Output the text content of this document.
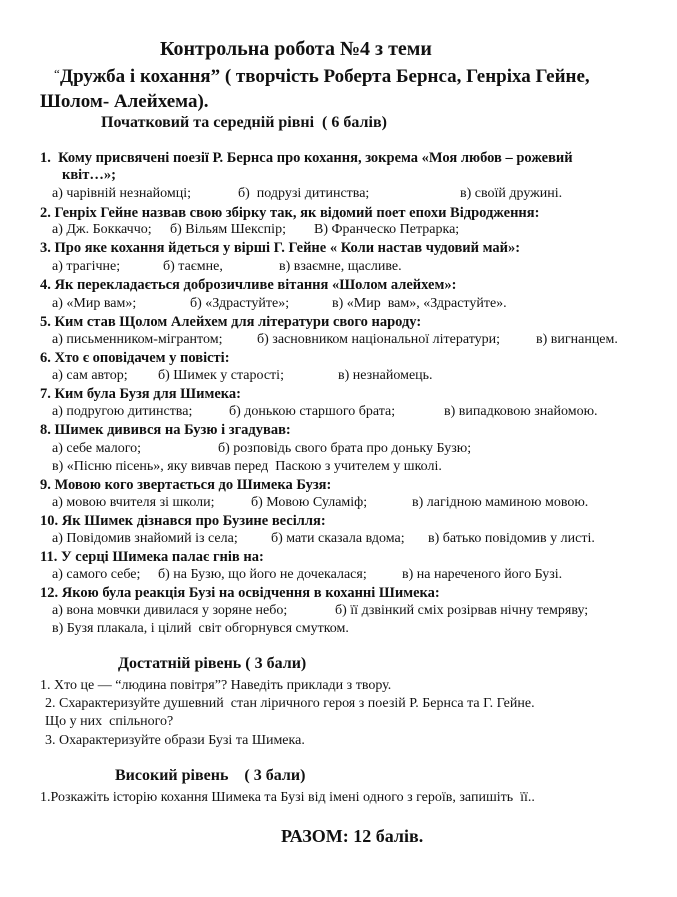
Контрольна робота №4 з теми
“ Дружба і кохання” ( творчість Роберта Бернса, Генріха Гейне,
Шолом- Алейхема).
Початковий та середній рівні  ( 6 балів)
1.  Кому присвячені поезії Р. Бернса про кохання, зокрема «Моя любов – рожевий
квіт…»;
а) чарівній незнайомці;	б)  подрузі дитинства;	в) своїй дружині.
2. Генріх Гейне назвав свою збірку так, як відомий поет епохи Відродження:
а) Дж. Боккаччо; б) Вільям Шекспір; В) Франческо Петрарка;
3. Про яке кохання йдеться у вірші Г. Гейне « Коли настав чудовий май»:
а) трагічне;	б) таємне,	в) взаємне, щасливе.
4. Як перекладається доброзичливе вітання «Шолом алейхем»:
а) «Мир вам»;	б) «Здрастуйте»;	в) «Мир  вам», «Здрастуйте».
5. Ким став Щолом Алейхем для літератури свого народу:
а) письменником-мігрантом; б) засновником національної літератури;	в) вигнанцем.
6. Хто є оповідачем у повісті:
а) сам автор; б) Шимек у старості;	в) незнайомець.
7. Ким була Бузя для Шимека:
а) подругою дитинства;	б) донькою старшого брата;	в) випадковою знайомою.
8. Шимек дивився на Бузю і згадував:
а) себе малого;	б) розповідь свого брата про доньку Бузю;
в) «Пісню пісень», яку вивчав перед  Паскою з учителем у школі.
9. Мовою кого звертається до Шимека Бузя:
а) мовою вчителя зі школи;	б) Мовою Суламіф;	в) лагідною маминою мовою.
10. Як Шимек дізнався про Бузине весілля:
а) Повідомив знайомий із села; б) мати сказала вдома; в) батько повідомив у листі.
11. У серці Шимека палає гнів на:
а) самого себе; б) на Бузю, що його не дочекалася;	в) на нареченого його Бузі.
12. Якою була реакція Бузі на освідчення в коханні Шимека:
а) вона мовчки дивилася у зоряне небо;	б) її дзвінкий сміх розірвав нічну темряву;
в) Бузя плакала, і цілий  світ обгорнувся смутком.
Достатній рівень ( 3 бали)
1. Хто це — “людина повітря”? Наведіть приклади з твору.
2. Схарактеризуйте душевний  стан ліричного героя з поезій Р. Бернса та Г. Гейне.
Що у них  спільного?
3. Охарактеризуйте образи Бузі та Шимека.
Високий рівень    ( 3 бали)
1.Розкажіть історію кохання Шимека та Бузі від імені одного з героїв, запишіть  її..
РАЗОМ: 12 балів.
